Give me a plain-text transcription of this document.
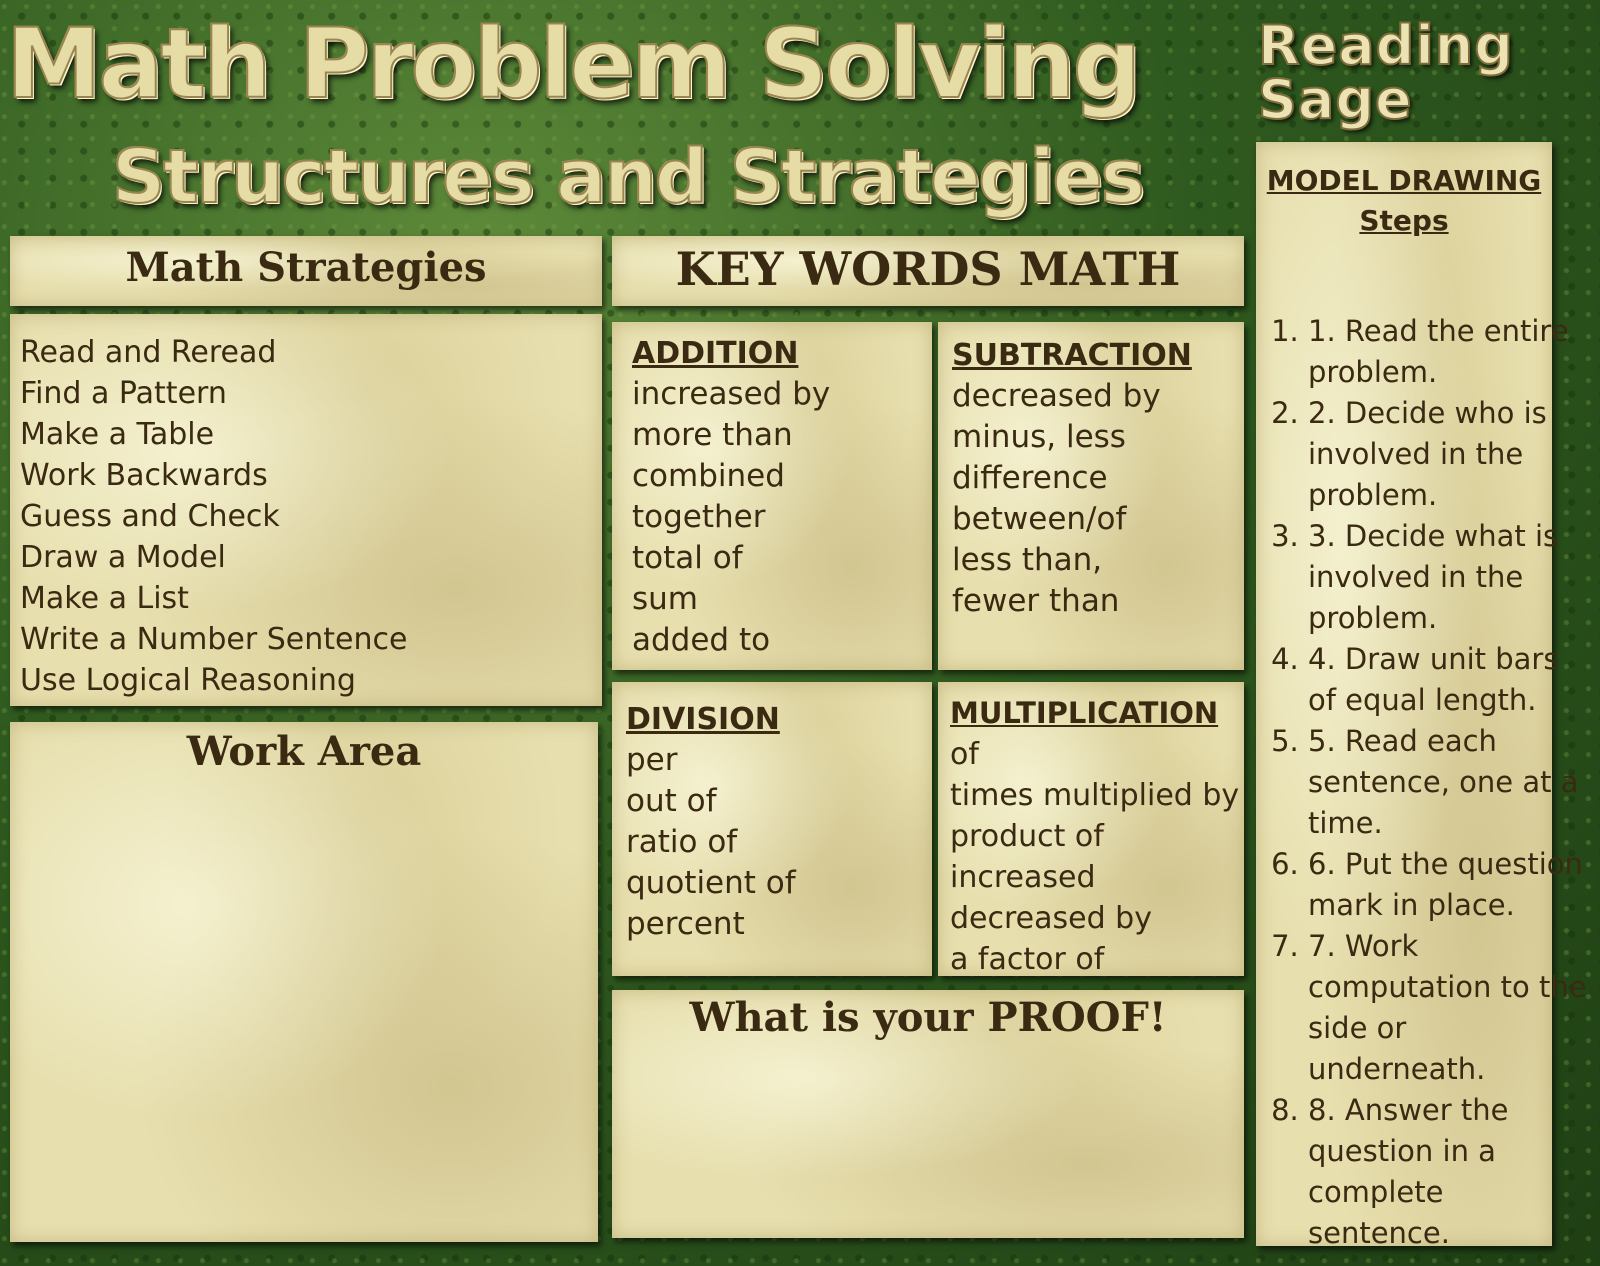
Math Problem Solving
Structures and Strategies
Reading
Sage
Math Strategies
Read and Reread
Find a Pattern
Make a Table
Work Backwards
Guess and Check
Draw a Model
Make a List
Write a Number Sentence
Use Logical Reasoning
Work Area
KEY WORDS MATH
ADDITION
increased by
more than
combined
together
total of
sum
added to
SUBTRACTION
decreased by
minus, less
difference
between/of
less than,
fewer than
DIVISION
per
out of
ratio of
quotient of
percent
MULTIPLICATION
of
times multiplied by
product of
increased
decreased by
a factor of
What is your PROOF!
MODEL DRAWING
Steps
1. 1. Read the entire problem.
2. 2. Decide who is involved in the problem.
3. 3. Decide what is involved in the problem.
4. 4. Draw unit bars of equal length.
5. 5. Read each sentence, one at a time.
6. 6. Put the question mark in place.
7. 7. Work computation to the side or underneath.
8. 8. Answer the question in a complete sentence.
